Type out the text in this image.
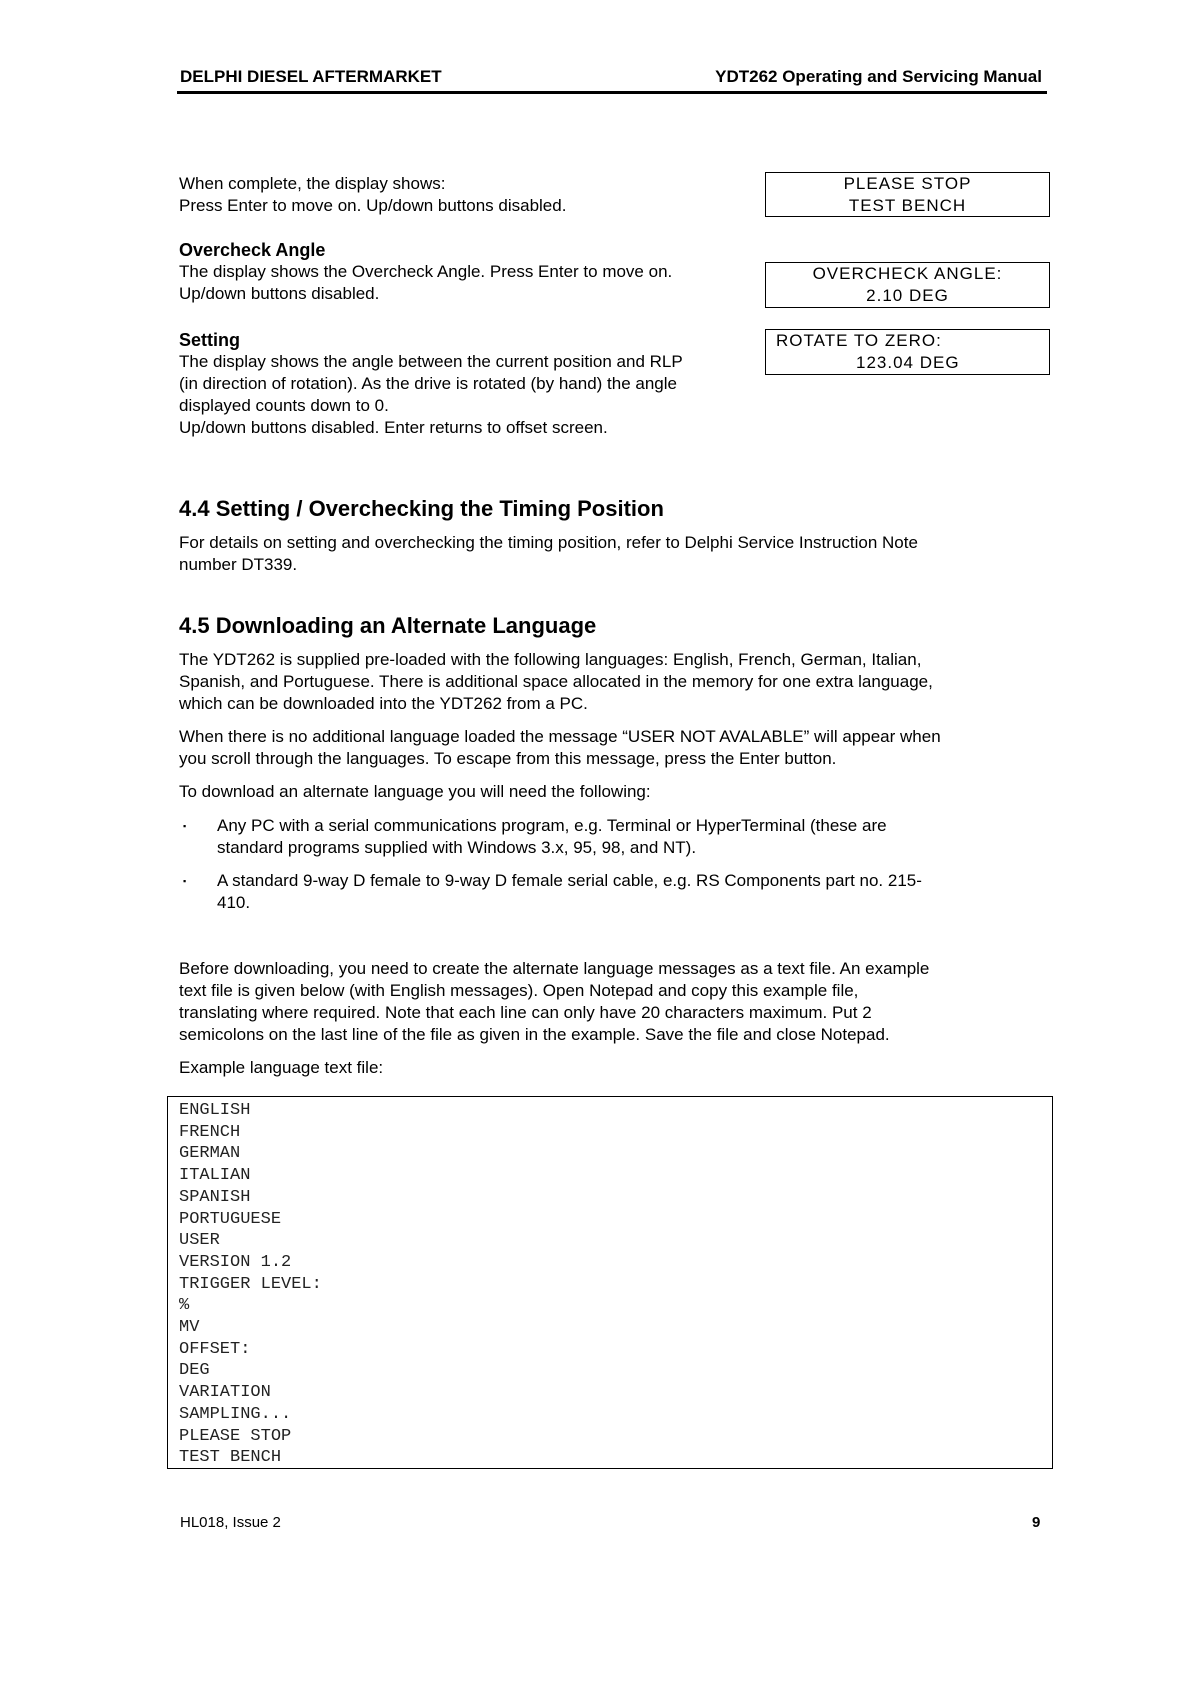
DELPHI DIESEL AFTERMARKET	YDT262 Operating and Servicing Manual

When complete, the display shows:

Press Enter to move on. Up/down buttons disabled.

PLEASE STOP
TEST BENCH
Overcheck Angle

The display shows the Overcheck Angle. Press Enter to move on.

Up/down buttons disabled.

OVERCHECK ANGLE:
2.10 DEG
Setting

The display shows the angle between the current position and RLP

(in direction of rotation). As the drive is rotated (by hand) the angle

displayed counts down to 0.

Up/down buttons disabled. Enter returns to offset screen.

ROTATE TO ZERO:
123.04 DEG
4.4 Setting / Overchecking the Timing Position

For details on setting and overchecking the timing position, refer to Delphi Service Instruction Note

number DT339.

4.5 Downloading an Alternate Language

The YDT262 is supplied pre-loaded with the following languages: English, French, German, Italian,

Spanish, and Portuguese. There is additional space allocated in the memory for one extra language,

which can be downloaded into the YDT262 from a PC.

When there is no additional language loaded the message “USER NOT AVALABLE” will appear when

you scroll through the languages. To escape from this message, press the Enter button.

To download an alternate language you will need the following:

▪	Any PC with a serial communications program, e.g. Terminal or HyperTerminal (these are

standard programs supplied with Windows 3.x, 95, 98, and NT).

▪	A standard 9-way D female to 9-way D female serial cable, e.g. RS Components part no. 215-

410.

Before downloading, you need to create the alternate language messages as a text file. An example

text file is given below (with English messages). Open Notepad and copy this example file,

translating where required. Note that each line can only have 20 characters maximum. Put 2

semicolons on the last line of the file as given in the example. Save the file and close Notepad.

Example language text file:

ENGLISH
FRENCH
GERMAN
ITALIAN
SPANISH
PORTUGUESE
USER
VERSION 1.2
TRIGGER LEVEL:
%
MV
OFFSET:
DEG
VARIATION
SAMPLING...
PLEASE STOP
TEST BENCH
HL018, Issue 2	9
